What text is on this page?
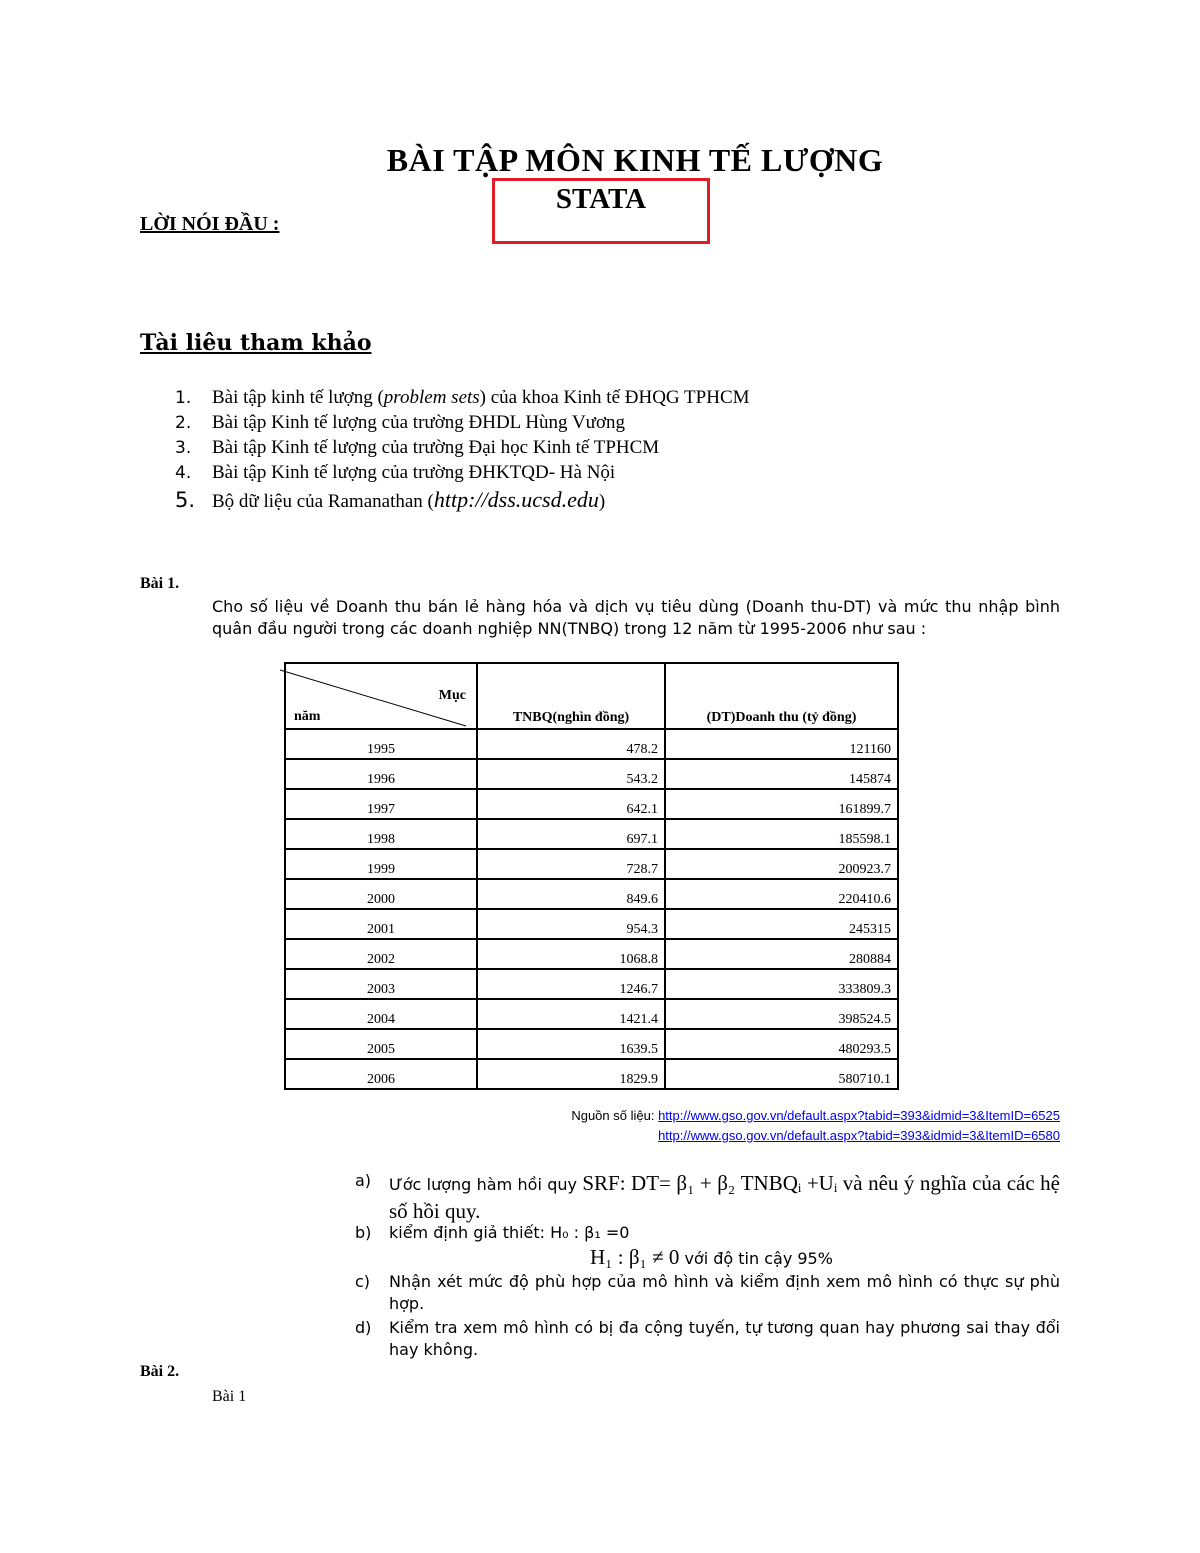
BÀI TẬP MÔN KINH TẾ LƯỢNG
STATA
LỜI NÓI ĐẦU :
Tài liêu tham khảo
1. Bài tập kinh tế lượng (problem sets) của khoa Kinh tế ĐHQG TPHCM
2. Bài tập Kinh tế lượng của trường ĐHDL Hùng Vương
3. Bài tập Kinh tế lượng của trường Đại học Kinh tế TPHCM
4. Bài tập Kinh tế lượng của trường ĐHKTQD- Hà Nội
5. Bộ dữ liệu của Ramanathan (http://dss.ucsd.edu)
Bài 1.
Cho số liệu về Doanh thu bán lẻ hàng hóa và dịch vụ tiêu dùng (Doanh thu-DT) và mức thu nhập bình quân đầu người trong các doanh nghiệp NN(TNBQ) trong 12 năm từ 1995-2006 như sau :
Mục
năm	TNBQ(nghìn đồng)	(DT)Doanh thu (tỷ đồng)
1995	478.2	121160
1996	543.2	145874
1997	642.1	161899.7
1998	697.1	185598.1
1999	728.7	200923.7
2000	849.6	220410.6
2001	954.3	245315
2002	1068.8	280884
2003	1246.7	333809.3
2004	1421.4	398524.5
2005	1639.5	480293.5
2006	1829.9	580710.1
Nguồn số liệu: http://www.gso.gov.vn/default.aspx?tabid=393&idmid=3&ItemID=6525
http://www.gso.gov.vn/default.aspx?tabid=393&idmid=3&ItemID=6580
a) Ước lượng hàm hồi quy SRF: DT= β₁ + β₂ TNBQᵢ +Uᵢ và nêu ý nghĩa của các hệ số hồi quy.
b) kiểm định giả thiết: H₀ : β₁ =0
H₁ : β₁ ≠ 0 với độ tin cậy 95%
c) Nhận xét mức độ phù hợp của mô hình và kiểm định xem mô hình có thực sự phù hợp.
d) Kiểm tra xem mô hình có bị đa cộng tuyến, tự tương quan hay phương sai thay đổi hay không.
Bài 2.
Bài 1
